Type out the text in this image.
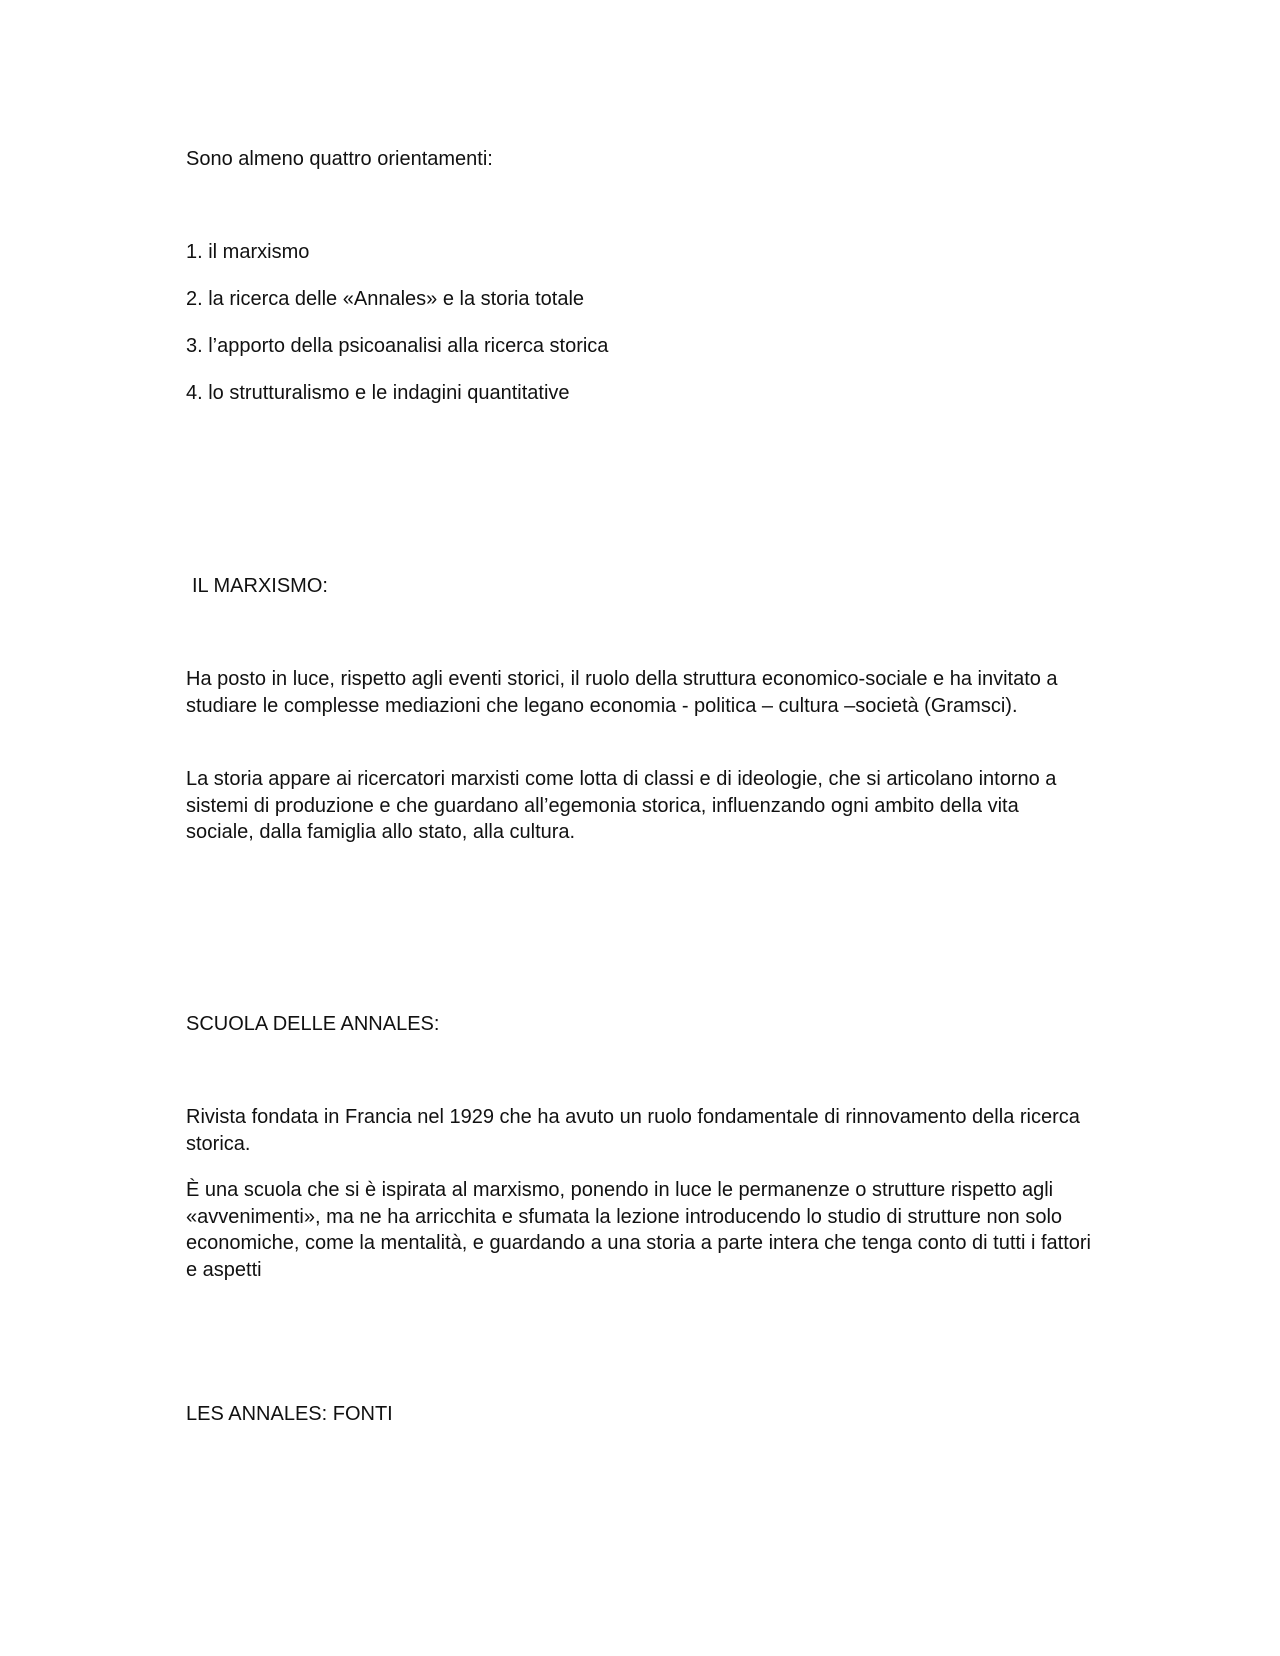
Sono almeno quattro orientamenti:

1. il marxismo

2. la ricerca delle «Annales» e la storia totale

3. l’apporto della psicoanalisi alla ricerca storica

4. lo strutturalismo e le indagini quantitative

IL MARXISMO:

Ha posto in luce, rispetto agli eventi storici, il ruolo della struttura economico-sociale e ha invitato a studiare le complesse mediazioni che legano economia - politica – cultura –società (Gramsci).

La storia appare ai ricercatori marxisti come lotta di classi e di ideologie, che si articolano intorno a sistemi di produzione e che guardano all’egemonia storica, influenzando ogni ambito della vita sociale, dalla famiglia allo stato, alla cultura.

SCUOLA DELLE ANNALES:

Rivista fondata in Francia nel 1929 che ha avuto un ruolo fondamentale di rinnovamento della ricerca storica.

È una scuola che si è ispirata al marxismo, ponendo in luce le permanenze o strutture rispetto agli «avvenimenti», ma ne ha arricchita e sfumata la lezione introducendo lo studio di strutture non solo economiche, come la mentalità, e guardando a una storia a parte intera che tenga conto di tutti i fattori e aspetti

LES ANNALES: FONTI
